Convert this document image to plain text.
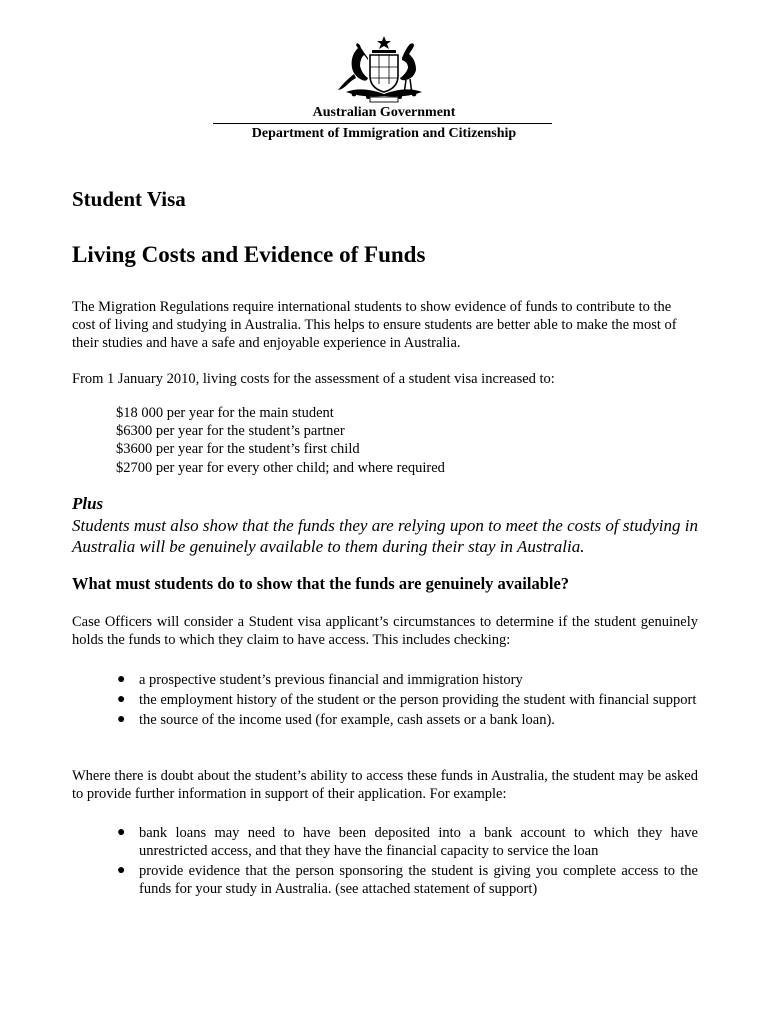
Australian Government
Department of Immigration and Citizenship
Student Visa
Living Costs and Evidence of Funds

The Migration Regulations require international students to show evidence of funds to contribute to the cost of living and studying in Australia. This helps to ensure students are better able to make the most of their studies and have a safe and enjoyable experience in Australia.

From 1 January 2010, living costs for the assessment of a student visa increased to:

$18 000 per year for the main student
$6300 per year for the student’s partner
$3600 per year for the student’s first child
$2700 per year for every other child; and where required
Plus

Students must also show that the funds they are relying upon to meet the costs of studying in Australia will be genuinely available to them during their stay in Australia.

What must students do to show that the funds are genuinely available?

Case Officers will consider a Student visa applicant’s circumstances to determine if the student genuinely holds the funds to which they claim to have access. This includes checking:

● a prospective student’s previous financial and immigration history
● the employment history of the student or the person providing the student with financial support
● the source of the income used (for example, cash assets or a bank loan).

Where there is doubt about the student’s ability to access these funds in Australia, the student may be asked to provide further information in support of their application. For example:

● bank loans may need to have been deposited into a bank account to which they have unrestricted access, and that they have the financial capacity to service the loan
● provide evidence that the person sponsoring the student is giving you complete access to the funds for your study in Australia. (see attached statement of support)
